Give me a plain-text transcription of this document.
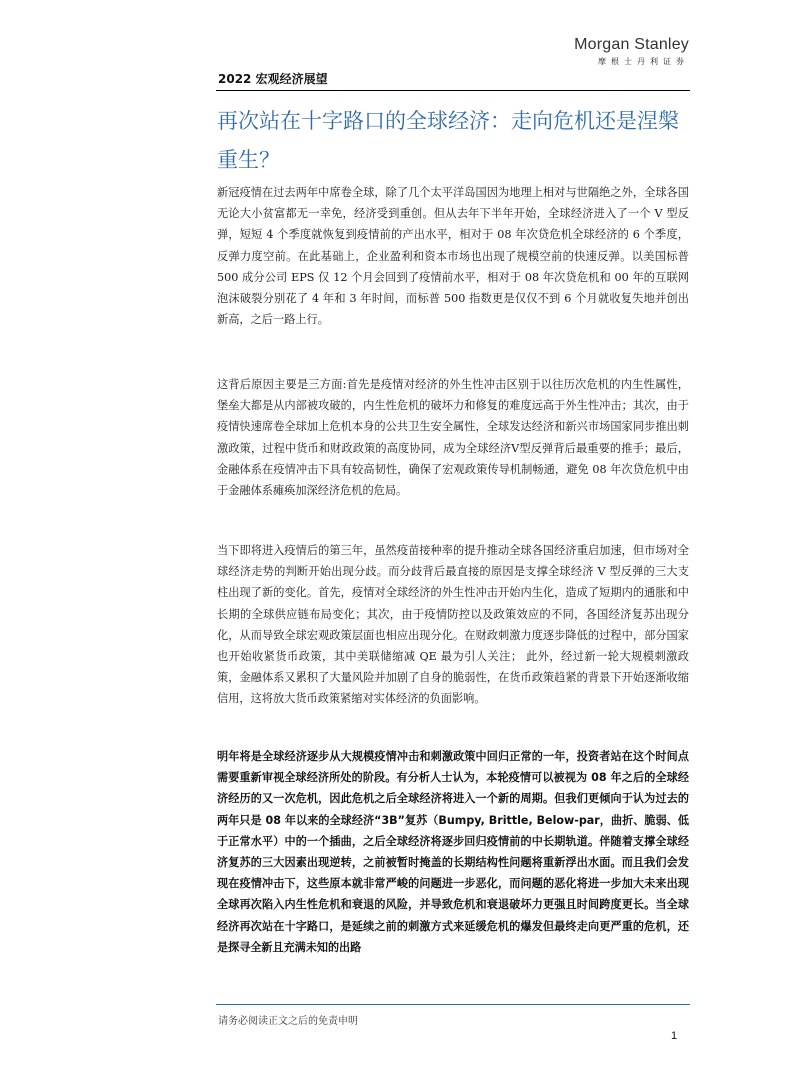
Morgan Stanley
摩根士丹利证券
2022 宏观经济展望
再次站在十字路口的全球经济：走向危机还是涅槃重生？

新冠疫情在过去两年中席卷全球，除了几个太平洋岛国因为地理上相对与世隔绝之外，全球各国无论大小贫富都无一幸免，经济受到重创。但从去年下半年开始，全球经济进入了一个 V 型反弹，短短 4 个季度就恢复到疫情前的产出水平，相对于 08 年次贷危机全球经济的 6 个季度，反弹力度空前。在此基础上，企业盈利和资本市场也出现了规模空前的快速反弹。以美国标普 500 成分公司 EPS 仅 12 个月会回到了疫情前水平，相对于 08 年次贷危机和 00 年的互联网泡沫破裂分别花了 4 年和 3 年时间，而标普 500 指数更是仅仅不到 6 个月就收复失地并创出新高，之后一路上行。

这背后原因主要是三方面:首先是疫情对经济的外生性冲击区别于以往历次危机的内生性属性，堡垒大都是从内部被攻破的，内生性危机的破坏力和修复的难度远高于外生性冲击；其次，由于疫情快速席卷全球加上危机本身的公共卫生安全属性，全球发达经济和新兴市场国家同步推出刺激政策，过程中货币和财政政策的高度协同，成为全球经济V型反弹背后最重要的推手；最后，金融体系在疫情冲击下具有较高韧性，确保了宏观政策传导机制畅通，避免 08 年次贷危机中由于金融体系瘫痪加深经济危机的危局。

当下即将进入疫情后的第三年，虽然疫苗接种率的提升推动全球各国经济重启加速，但市场对全球经济走势的判断开始出现分歧。而分歧背后最直接的原因是支撑全球经济 V 型反弹的三大支柱出现了新的变化。首先，疫情对全球经济的外生性冲击开始内生化，造成了短期内的通胀和中长期的全球供应链布局变化；其次，由于疫情防控以及政策效应的不同，各国经济复苏出现分化，从而导致全球宏观政策层面也相应出现分化。在财政刺激力度逐步降低的过程中，部分国家也开始收紧货币政策，其中美联储缩减 QE 最为引人关注； 此外，经过新一轮大规模刺激政策，金融体系又累积了大量风险并加剧了自身的脆弱性，在货币政策趋紧的背景下开始逐渐收缩信用，这将放大货币政策紧缩对实体经济的负面影响。

明年将是全球经济逐步从大规模疫情冲击和刺激政策中回归正常的一年，投资者站在这个时间点需要重新审视全球经济所处的阶段。有分析人士认为，本轮疫情可以被视为 08 年之后的全球经济经历的又一次危机，因此危机之后全球经济将进入一个新的周期。但我们更倾向于认为过去的两年只是 08 年以来的全球经济“3B”复苏（Bumpy, Brittle, Below-par，曲折、脆弱、低于正常水平）中的一个插曲，之后全球经济将逐步回归疫情前的中长期轨道。伴随着支撑全球经济复苏的三大因素出现逆转，之前被暂时掩盖的长期结构性问题将重新浮出水面。而且我们会发现在疫情冲击下，这些原本就非常严峻的问题进一步恶化，而问题的恶化将进一步加大未来出现全球再次陷入内生性危机和衰退的风险，并导致危机和衰退破坏力更强且时间跨度更长。当全球经济再次站在十字路口，是延续之前的刺激方式来延缓危机的爆发但最终走向更严重的危机，还是探寻全新且充满未知的出路

请务必阅读正文之后的免责申明
1
